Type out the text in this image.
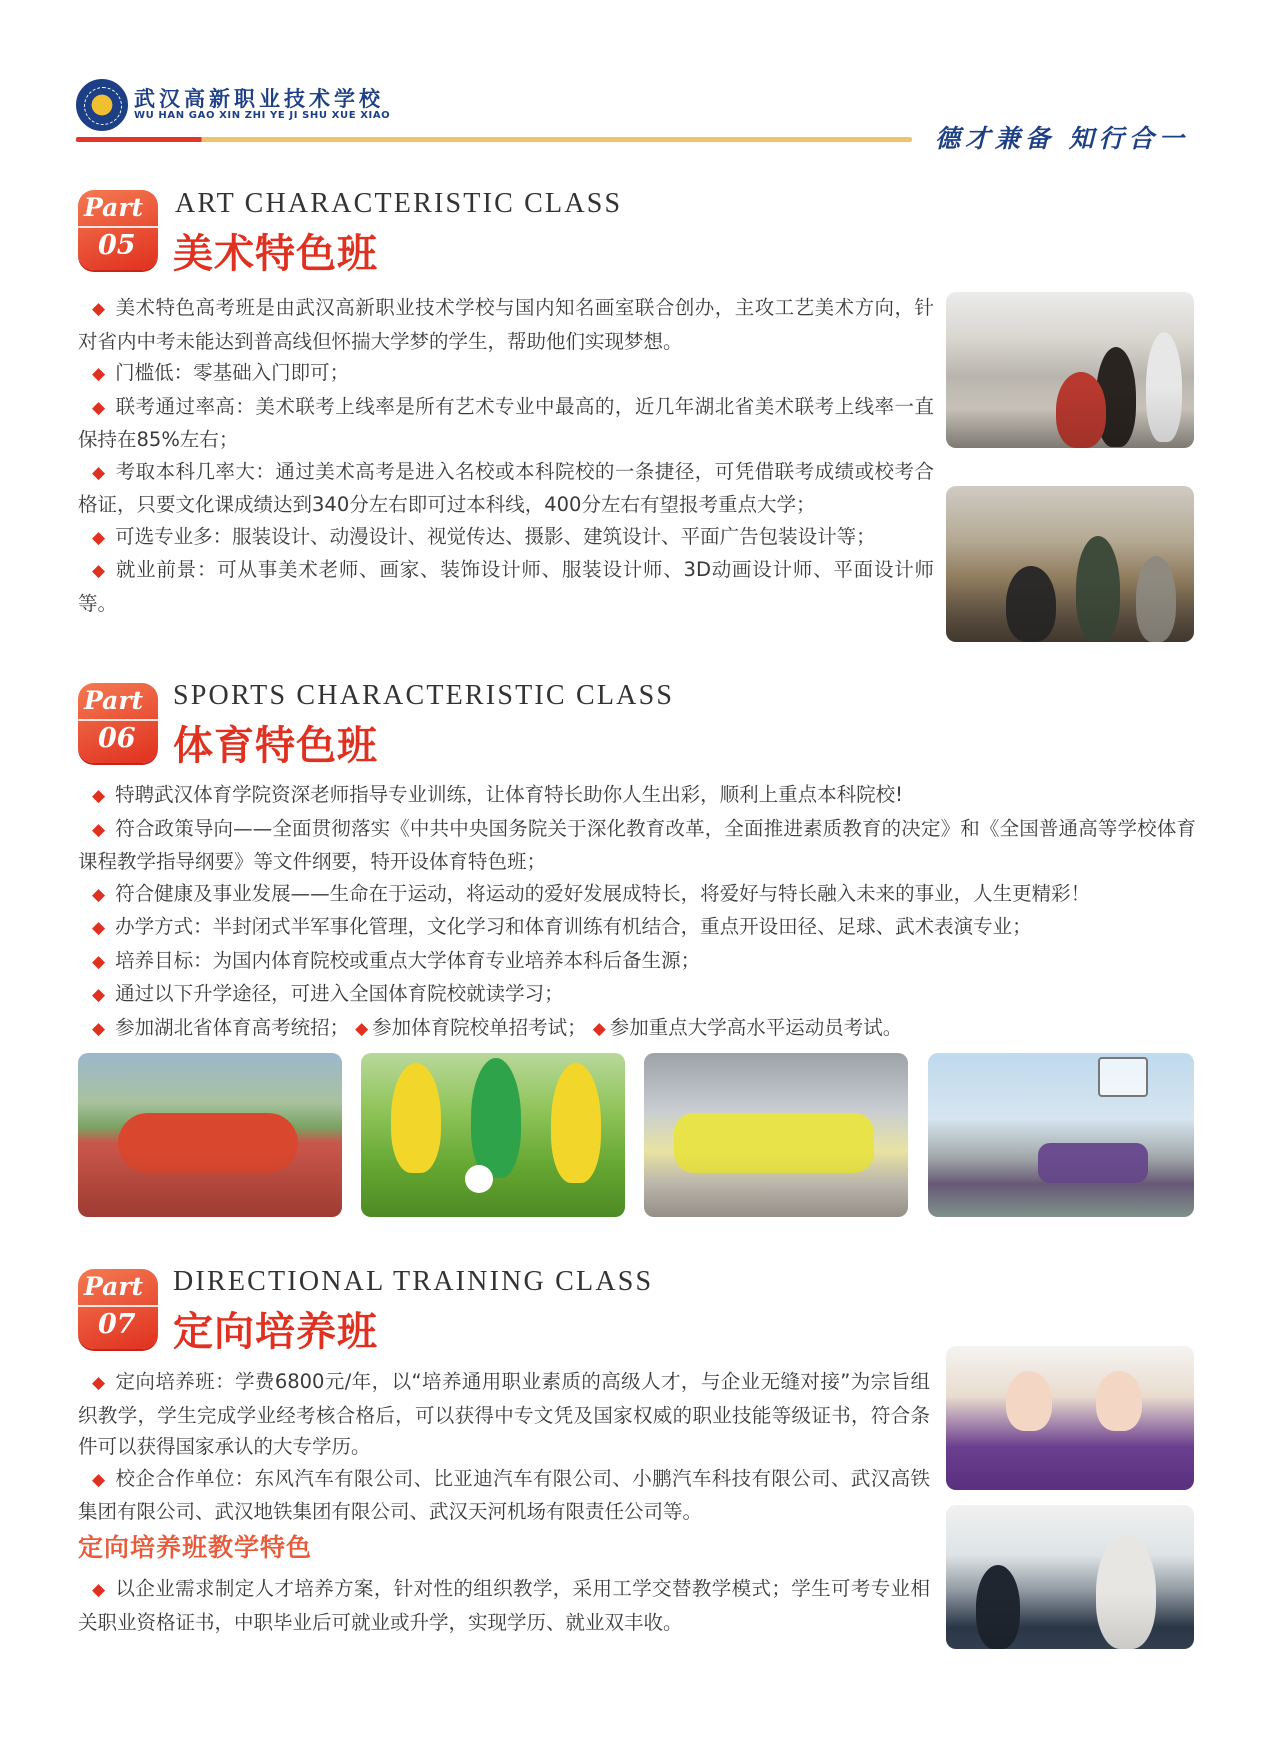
武汉高新职业技术学校
WU HAN GAO XIN ZHI YE JI SHU XUE XIAO
德才兼备 知行合一
Part
05
ART CHARACTERISTIC CLASS
美术特色班

◆ 美术特色高考班是由武汉高新职业技术学校与国内知名画室联合创办，主攻工艺美术方向，针对省内中考未能达到普高线但怀揣大学梦的学生，帮助他们实现梦想。

◆ 门槛低：零基础入门即可；

◆ 联考通过率高：美术联考上线率是所有艺术专业中最高的，近几年湖北省美术联考上线率一直保持在85%左右；

◆ 考取本科几率大：通过美术高考是进入名校或本科院校的一条捷径，可凭借联考成绩或校考合格证，只要文化课成绩达到340分左右即可过本科线，400分左右有望报考重点大学；

◆ 可选专业多：服装设计、动漫设计、视觉传达、摄影、建筑设计、平面广告包装设计等；

◆ 就业前景：可从事美术老师、画家、装饰设计师、服装设计师、3D动画设计师、平面设计师等。

Part
06
SPORTS CHARACTERISTIC CLASS
体育特色班

◆ 特聘武汉体育学院资深老师指导专业训练，让体育特长助你人生出彩，顺利上重点本科院校!

◆ 符合政策导向——全面贯彻落实《中共中央国务院关于深化教育改革，全面推进素质教育的决定》和《全国普通高等学校体育课程教学指导纲要》等文件纲要，特开设体育特色班；

◆ 符合健康及事业发展——生命在于运动，将运动的爱好发展成特长，将爱好与特长融入未来的事业，人生更精彩！

◆ 办学方式：半封闭式半军事化管理，文化学习和体育训练有机结合，重点开设田径、足球、武术表演专业；

◆ 培养目标：为国内体育院校或重点大学体育专业培养本科后备生源；

◆ 通过以下升学途径，可进入全国体育院校就读学习；

◆ 参加湖北省体育高考统招； ◆ 参加体育院校单招考试； ◆ 参加重点大学高水平运动员考试。

Part
07
DIRECTIONAL TRAINING CLASS
定向培养班

◆ 定向培养班：学费6800元/年，以“培养通用职业素质的高级人才，与企业无缝对接”为宗旨组织教学，学生完成学业经考核合格后，可以获得中专文凭及国家权威的职业技能等级证书，符合条件可以获得国家承认的大专学历。

◆ 校企合作单位：东风汽车有限公司、比亚迪汽车有限公司、小鹏汽车科技有限公司、武汉高铁集团有限公司、武汉地铁集团有限公司、武汉天河机场有限责任公司等。

定向培养班教学特色

◆ 以企业需求制定人才培养方案，针对性的组织教学，采用工学交替教学模式；学生可考专业相关职业资格证书，中职毕业后可就业或升学，实现学历、就业双丰收。
